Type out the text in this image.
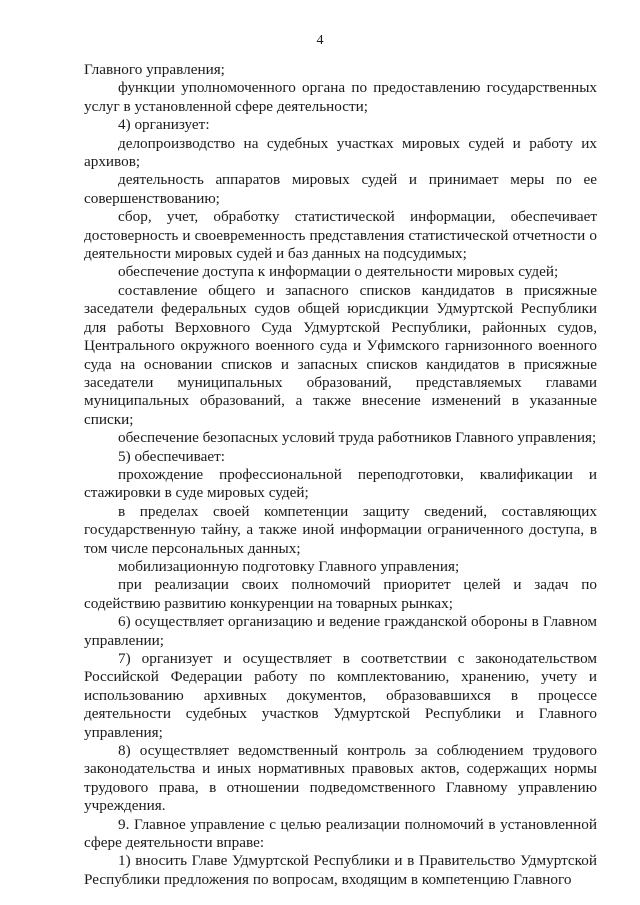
4

Главного управления;

функции уполномоченного органа по предоставлению государственных услуг в установленной сфере деятельности;

4) организует:

делопроизводство на судебных участках мировых судей и работу их архивов;

деятельность аппаратов мировых судей и принимает меры по ее совершенствованию;

сбор, учет, обработку статистической информации, обеспечивает достоверность и своевременность представления статистической отчетности о деятельности мировых судей и баз данных на подсудимых;

обеспечение доступа к информации о деятельности мировых судей;

составление общего и запасного списков кандидатов в присяжные заседатели федеральных судов общей юрисдикции Удмуртской Республики для работы Верховного Суда Удмуртской Республики, районных судов, Центрального окружного военного суда и Уфимского гарнизонного военного суда на основании списков и запасных списков кандидатов в присяжные заседатели муниципальных образований, представляемых главами муниципальных образований, а также внесение изменений в указанные списки;

обеспечение безопасных условий труда работников Главного управления;

5) обеспечивает:

прохождение профессиональной переподготовки, квалификации и стажировки в суде мировых судей;

в пределах своей компетенции защиту сведений, составляющих государственную тайну, а также иной информации ограниченного доступа, в том числе персональных данных;

мобилизационную подготовку Главного управления;

при реализации своих полномочий приоритет целей и задач по содействию развитию конкуренции на товарных рынках;

6) осуществляет организацию и ведение гражданской обороны в Главном управлении;

7) организует и осуществляет в соответствии с законодательством Российской Федерации работу по комплектованию, хранению, учету и использованию архивных документов, образовавшихся в процессе деятельности судебных участков Удмуртской Республики и Главного управления;

8) осуществляет ведомственный контроль за соблюдением трудового законодательства и иных нормативных правовых актов, содержащих нормы трудового права, в отношении подведомственного Главному управлению учреждения.

9. Главное управление с целью реализации полномочий в установленной сфере деятельности вправе:

1) вносить Главе Удмуртской Республики и в Правительство Удмуртской Республики предложения по вопросам, входящим в компетенцию Главного
